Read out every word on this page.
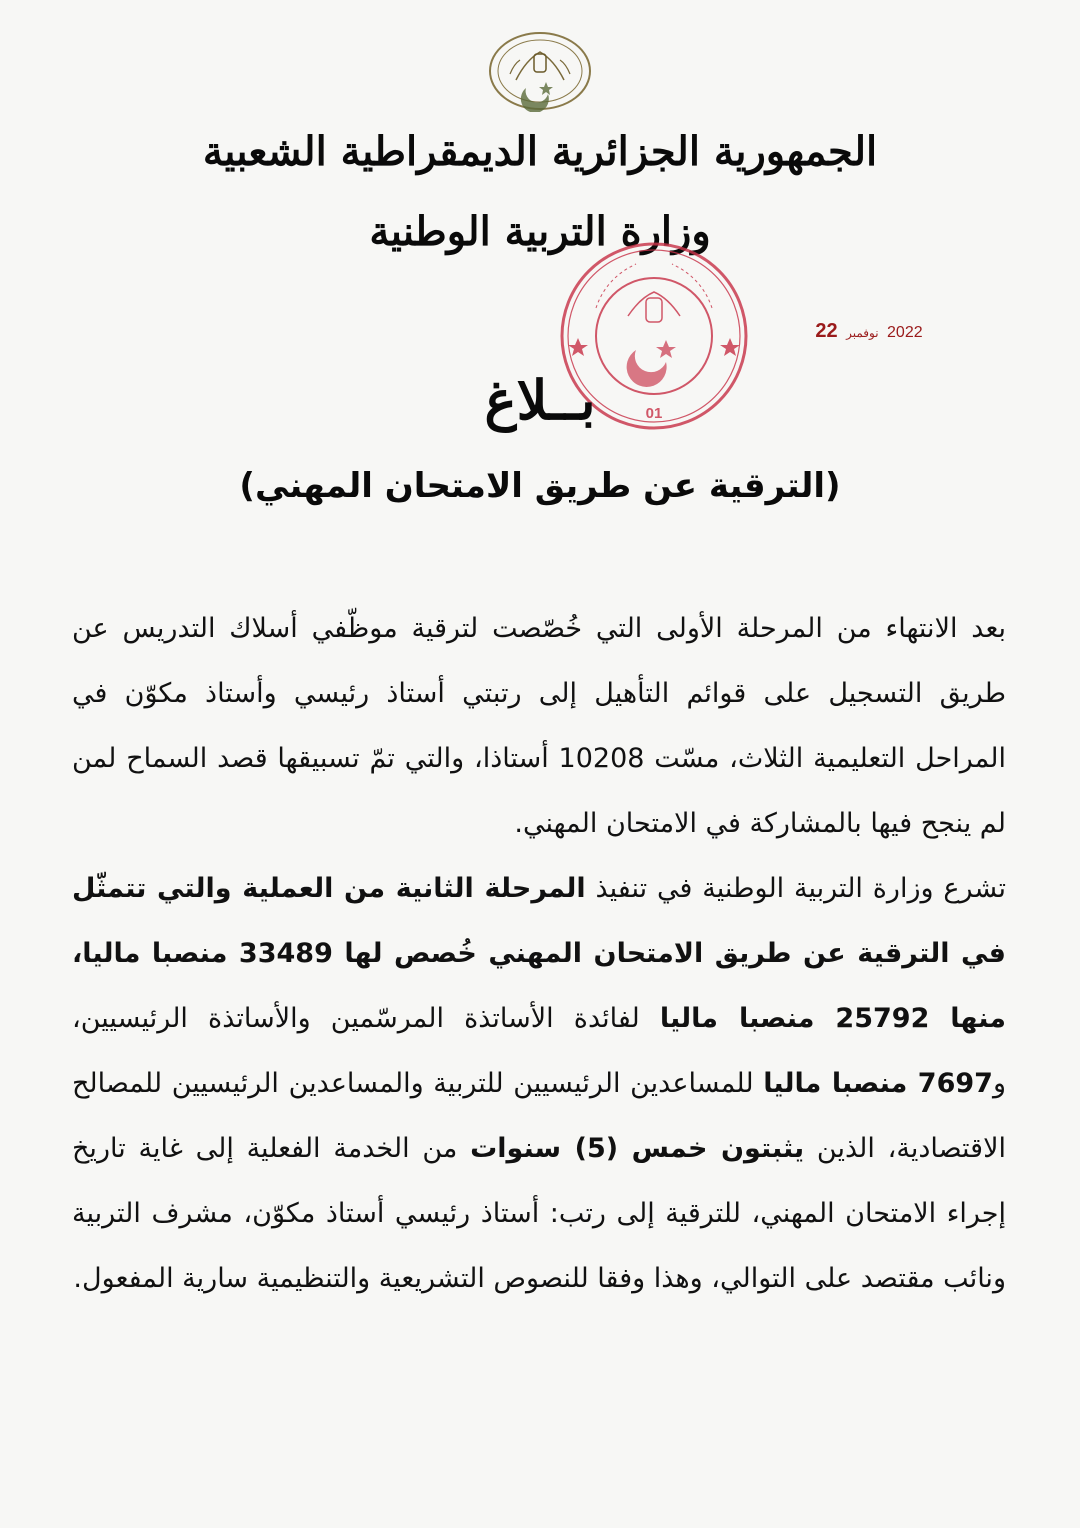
الجمهورية الجزائرية الديمقراطية الشعبية
وزارة التربية الوطنية
01
2022 نوفمبر 22
بــلاغ
(الترقية عن طريق الامتحان المهني)

بعد الانتهاء من المرحلة الأولى التي خُصّصت لترقية موظّفي أسلاك التدريس عن طريق التسجيل على قوائم التأهيل إلى رتبتي أستاذ رئيسي وأستاذ مكوّن في المراحل التعليمية الثلاث، مسّت 10208 أستاذا، والتي تمّ تسبيقها قصد السماح لمن لم ينجح فيها بالمشاركة في الامتحان المهني.

تشرع وزارة التربية الوطنية في تنفيذ المرحلة الثانية من العملية والتي تتمثّل في الترقية عن طريق الامتحان المهني خُصص لها 33489 منصبا ماليا، منها 25792 منصبا ماليا لفائدة الأساتذة المرسّمين والأساتذة الرئيسيين، و7697 منصبا ماليا للمساعدين الرئيسيين للتربية والمساعدين الرئيسيين للمصالح الاقتصادية، الذين يثبتون خمس (5) سنوات من الخدمة الفعلية إلى غاية تاريخ إجراء الامتحان المهني، للترقية إلى رتب: أستاذ رئيسي أستاذ مكوّن، مشرف التربية ونائب مقتصد على التوالي، وهذا وفقا للنصوص التشريعية والتنظيمية سارية المفعول.
